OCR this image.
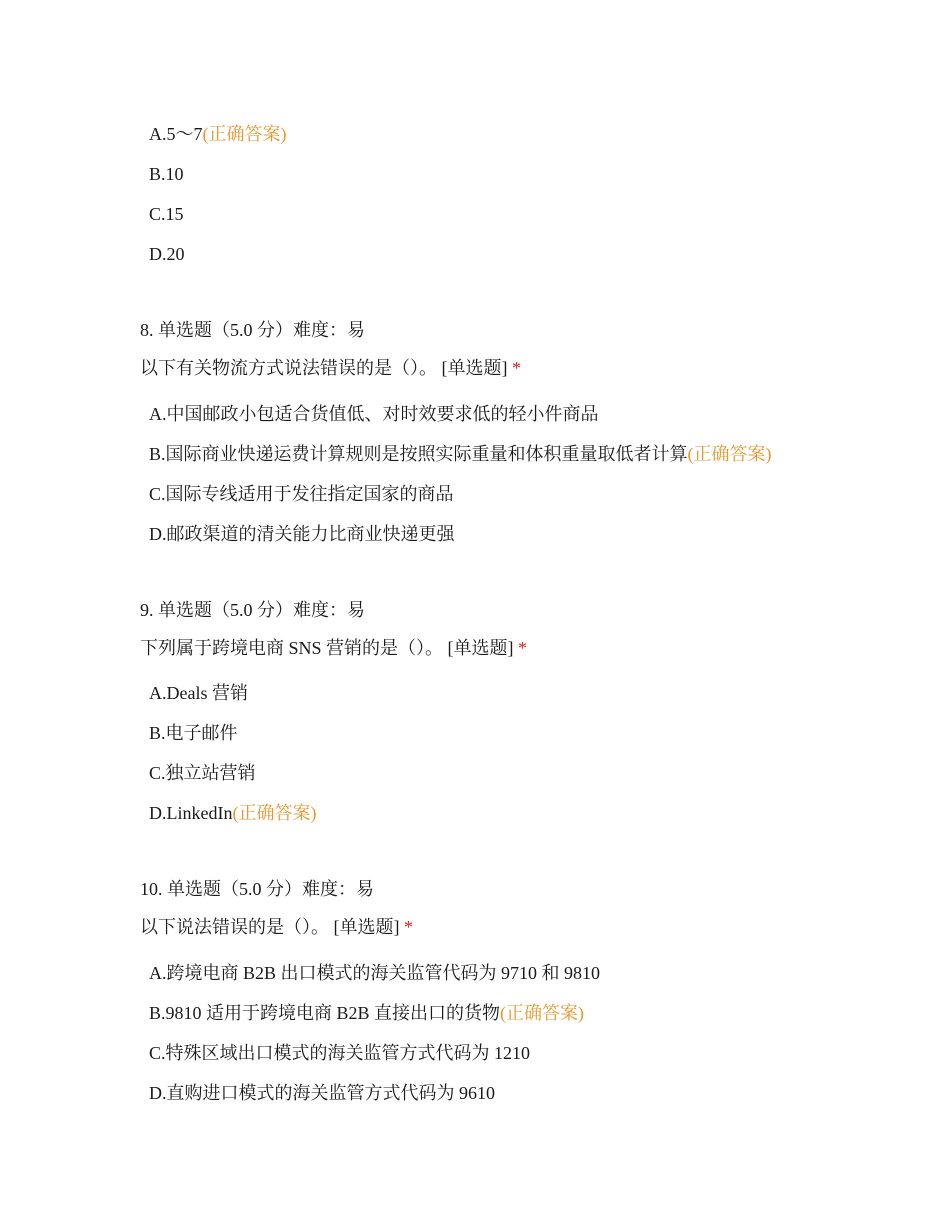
A.5～7(正确答案)
B.10
C.15
D.20
8. 单选题（5.0 分）难度：易
以下有关物流方式说法错误的是（）。 [单选题] *
A.中国邮政小包适合货值低、对时效要求低的轻小件商品
B.国际商业快递运费计算规则是按照实际重量和体积重量取低者计算(正确答案)
C.国际专线适用于发往指定国家的商品
D.邮政渠道的清关能力比商业快递更强
9. 单选题（5.0 分）难度：易
下列属于跨境电商 SNS 营销的是（）。 [单选题] *
A.Deals 营销
B.电子邮件
C.独立站营销
D.LinkedIn(正确答案)
10. 单选题（5.0 分）难度：易
以下说法错误的是（）。 [单选题] *
A.跨境电商 B2B 出口模式的海关监管代码为 9710 和 9810
B.9810 适用于跨境电商 B2B 直接出口的货物(正确答案)
C.特殊区域出口模式的海关监管方式代码为 1210
D.直购进口模式的海关监管方式代码为 9610
